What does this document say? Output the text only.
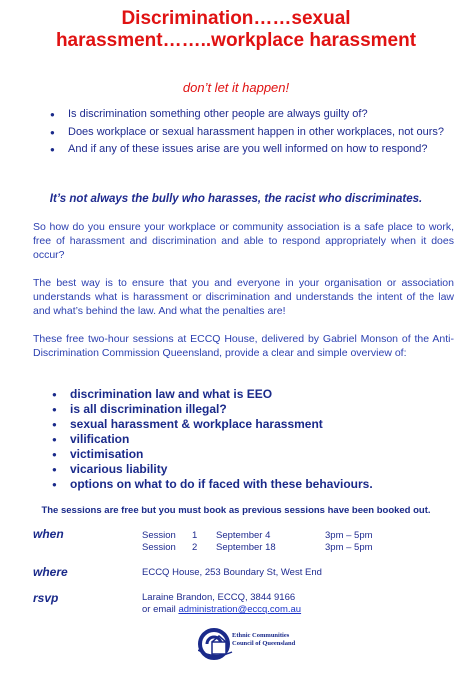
Discrimination……sexual
harassment……..workplace harassment
don’t let it happen!
● Is discrimination something other people are always guilty of?
● Does workplace or sexual harassment happen in other workplaces, not ours?
● And if any of these issues arise are you well informed on how to respond?
It’s not always the bully who harasses, the racist who discriminates.

So how do you ensure your workplace or community association is a safe place to work, free of harassment and discrimination and able to respond appropriately when it does occur?

The best way is to ensure that you and everyone in your organisation or association understands what is harassment or discrimination and understands the intent of the law and what’s behind the law. And what the penalties are!

These free two-hour sessions at ECCQ House, delivered by Gabriel Monson of the Anti-Discrimination Commission Queensland, provide a clear and simple overview of:

● discrimination law and what is EEO
● is all discrimination illegal?
● sexual harassment & workplace harassment
● vilification
● victimisation
● vicarious liability
● options on what to do if faced with these behaviours.
The sessions are free but you must book as previous sessions have been booked out.
when	Session 1 September 4	3pm – 5pm
Session 2 September 18	3pm – 5pm
where	ECCQ House, 253 Boundary St, West End
rsvp	Laraine Brandon, ECCQ, 3844 9166
or email administration@eccq.com.au
Ethnic Communities
Council of Queensland
